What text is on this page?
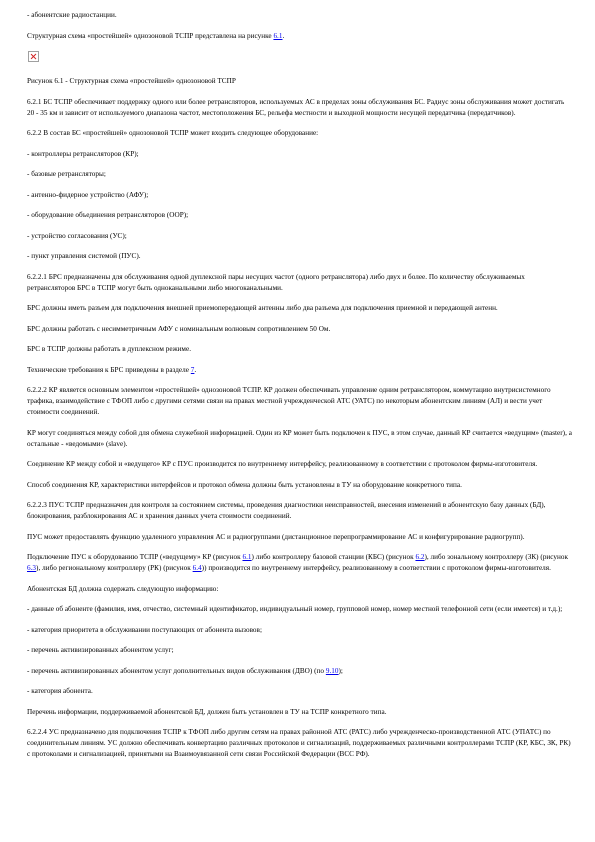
- абонентские радиостанции.

Структурная схема «простейшей» однозоновой ТСПР представлена на рисунке 6.1.

Рисунок 6.1 - Структурная схема «простейшей» однозоновой ТСПР

6.2.1 БС ТСПР обеспечивает поддержку одного или более ретрансляторов, используемых АС в пределах зоны обслуживания БС. Радиус зоны обслуживания может достигать 20 - 35 км и зависит от используемого диапазона частот, местоположения БС, рельефа местности и выходной мощности несущей передатчика (передатчиков).

6.2.2 В состав БС «простейшей» однозоновой ТСПР может входить следующее оборудование:

- контроллеры ретрансляторов (КР);

- базовые ретрансляторы;

- антенно-фидерное устройство (АФУ);

- оборудование объединения ретрансляторов (ООР);

- устройство согласования (УС);

- пункт управления системой (ПУС).

6.2.2.1 БРС предназначены для обслуживания одной дуплексной пары несущих частот (одного ретранслятора) либо двух и более. По количеству обслуживаемых ретрансляторов БРС в ТСПР могут быть одноканальными либо многоканальными.

БРС должны иметь разъем для подключения внешней приемопередающей антенны либо два разъема для подключения приемной и передающей антенн.

БРС должны работать с несимметричным АФУ с номинальным волновым сопротивлением 50 Ом.

БРС в ТСПР должны работать в дуплексном режиме.

Технические требования к БРС приведены в разделе 7.

6.2.2.2 КР является основным элементом «простейшей» однозоновой ТСПР. КР должен обеспечивать управление одним ретранслятором, коммутацию внутрисистемного трафика, взаимодействие с ТФОП либо с другими сетями связи на правах местной учрежденческой АТС (УАТС) по некоторым абонентским линиям (АЛ) и вести учет стоимости соединений.

КР могут соединяться между собой для обмена служебной информацией. Один из КР может быть подключен к ПУС, в этом случае, данный КР считается «ведущим» (master), а остальные - «ведомыми» (slave).

Соединение КР между собой и «ведущего» КР с ПУС производится по внутреннему интерфейсу, реализованному в соответствии с протоколом фирмы-изготовителя.

Способ соединения КР, характеристики интерфейсов и протокол обмена должны быть установлены в ТУ на оборудование конкретного типа.

6.2.2.3 ПУС ТСПР предназначен для контроля за состоянием системы, проведения диагностики неисправностей, внесения изменений в абонентскую базу данных (БД), блокирования, разблокирования АС и хранения данных учета стоимости соединений.

ПУС может предоставлять функцию удаленного управления АС и радиогруппами (дистанционное перепрограммирование АС и конфигурирование радиогрупп).

Подключение ПУС к оборудованию ТСПР («ведущему» КР (рисунок 6.1) либо контроллеру базовой станции (КБС) (рисунок 6.2), либо зональному контроллеру (ЗК) (рисунок 6.3), либо региональному контроллеру (РК) (рисунок 6.4)) производится по внутреннему интерфейсу, реализованному в соответствии с протоколом фирмы-изготовителя.

Абонентская БД должна содержать следующую информацию:

- данные об абоненте (фамилия, имя, отчество, системный идентификатор, индивидуальный номер, групповой номер, номер местной телефонной сети (если имеется) и т.д.);

- категория приоритета в обслуживании поступающих от абонента вызовов;

- перечень активизированных абонентом услуг;

- перечень активизированных абонентом услуг дополнительных видов обслуживания (ДВО) (по 9.10);

- категория абонента.

Перечень информации, поддерживаемой абонентской БД, должен быть установлен в ТУ на ТСПР конкретного типа.

6.2.2.4 УС предназначено для подключения ТСПР к ТФОП либо другим сетям на правах районной АТС (РАТС) либо учрежденческо-производственной АТС (УПАТС) по соединительным линиям. УС должно обеспечивать конвертацию различных протоколов и сигнализаций, поддерживаемых различными контроллерами ТСПР (КР, КБС, ЗК, РК) с протоколами и сигнализацией, принятыми на Взаимоувязанной сети связи Российской Федерации (ВСС РФ).
